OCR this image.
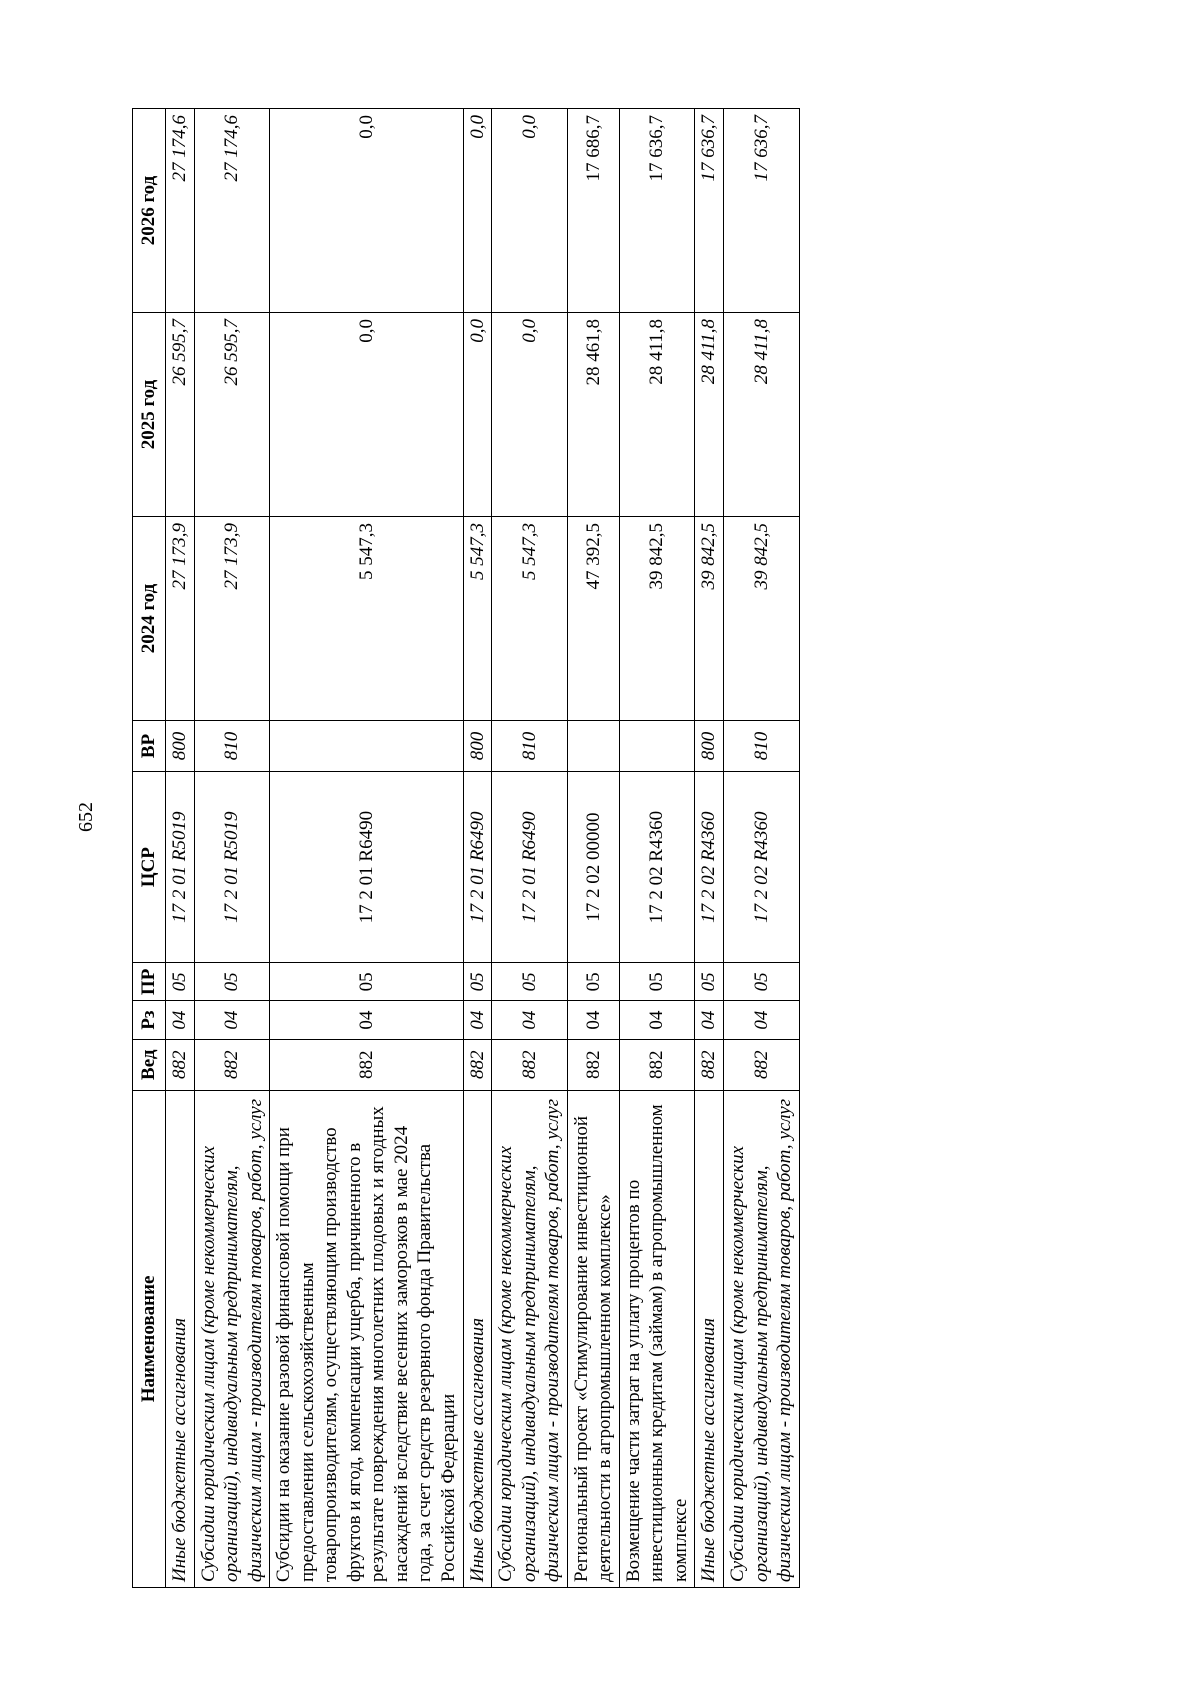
652
Наименование	Вед	Рз	ПР	ЦСР	ВР	2024 год	2025 год	2026 год
Иные бюджетные ассигнования	882	04	05	17 2 01 R5019	800	27 173,9	26 595,7	27 174,6
Субсидии юридическим лицам (кроме некоммерческих организаций), индивидуальным предпринимателям, физическим лицам - производителям товаров, работ, услуг	882	04	05	17 2 01 R5019	810	27 173,9	26 595,7	27 174,6
Субсидии на оказание разовой финансовой помощи при предоставлении сельскохозяйственным товаропроизводителям, осуществляющим производство фруктов и ягод, компенсации ущерба, причиненного в результате повреждения многолетних плодовых и ягодных насаждений вследствие весенних заморозков в мае 2024 года, за счет средств резервного фонда Правительства Российской Федерации	882	04	05	17 2 01 R6490		5 547,3	0,0	0,0
Иные бюджетные ассигнования	882	04	05	17 2 01 R6490	800	5 547,3	0,0	0,0
Субсидии юридическим лицам (кроме некоммерческих организаций), индивидуальным предпринимателям, физическим лицам - производителям товаров, работ, услуг	882	04	05	17 2 01 R6490	810	5 547,3	0,0	0,0
Региональный проект «Стимулирование инвестиционной деятельности в агропромышленном комплексе»	882	04	05	17 2 02 00000		47 392,5	28 461,8	17 686,7
Возмещение части затрат на уплату процентов по инвестиционным кредитам (займам) в агропромышленном комплексе	882	04	05	17 2 02 R4360		39 842,5	28 411,8	17 636,7
Иные бюджетные ассигнования	882	04	05	17 2 02 R4360	800	39 842,5	28 411,8	17 636,7
Субсидии юридическим лицам (кроме некоммерческих организаций), индивидуальным предпринимателям, физическим лицам - производителям товаров, работ, услуг	882	04	05	17 2 02 R4360	810	39 842,5	28 411,8	17 636,7
